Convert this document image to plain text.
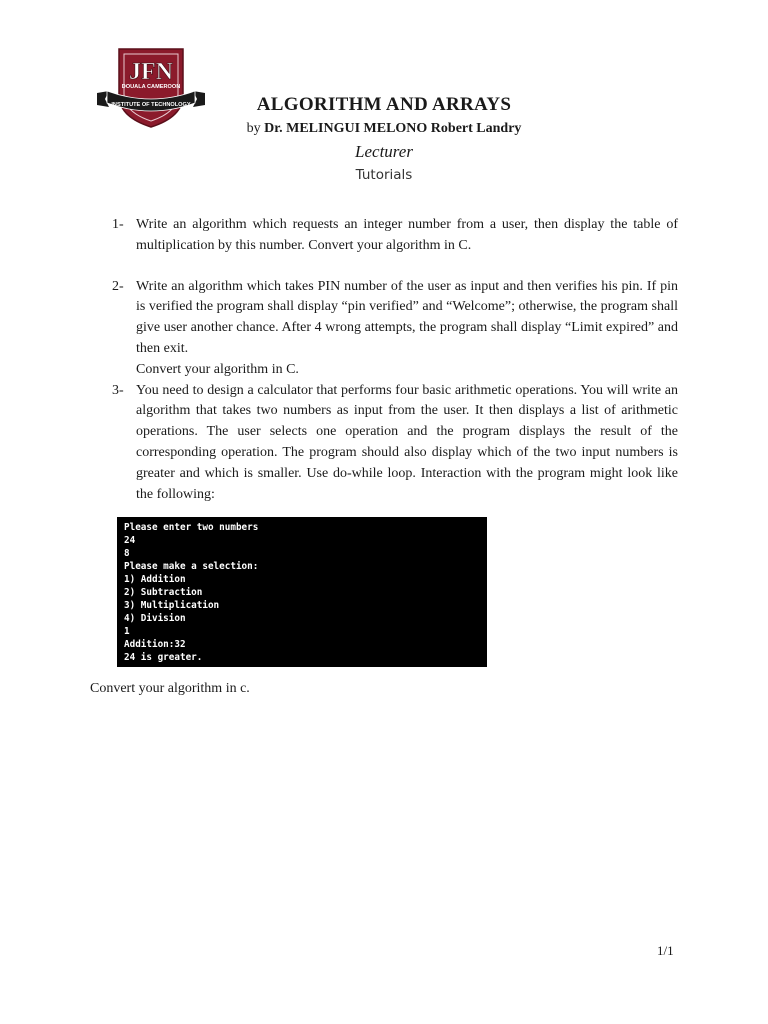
JFN
DOUALA CAMEROON
INSTITUTE OF TECHNOLOGY	ALGORITHM AND ARRAYS
by Dr. MELINGUI MELONO Robert Landry
Lecturer
Tutorials
1- Write an algorithm which requests an integer number from a user, then display the table of multiplication by this number. Convert your algorithm in C.

2- Write an algorithm which takes PIN number of the user as input and then verifies his pin. If pin is verified the program shall display “pin verified” and “Welcome”; otherwise, the program shall give user another chance. After 4 wrong attempts, the program shall display “Limit expired” and then exit.

Convert your algorithm in C.

3- You need to design a calculator that performs four basic arithmetic operations. You will write an algorithm that takes two numbers as input from the user. It then displays a list of arithmetic operations. The user selects one operation and the program displays the result of the corresponding operation. The program should also display which of the two input numbers is greater and which is smaller. Use do-while loop. Interaction with the program might look like the following:

Please enter two numbers
24
8
Please make a selection:
1) Addition
2) Subtraction
3) Multiplication
4) Division
1
Addition:32
24 is greater.
Convert your algorithm in c.
1/1
